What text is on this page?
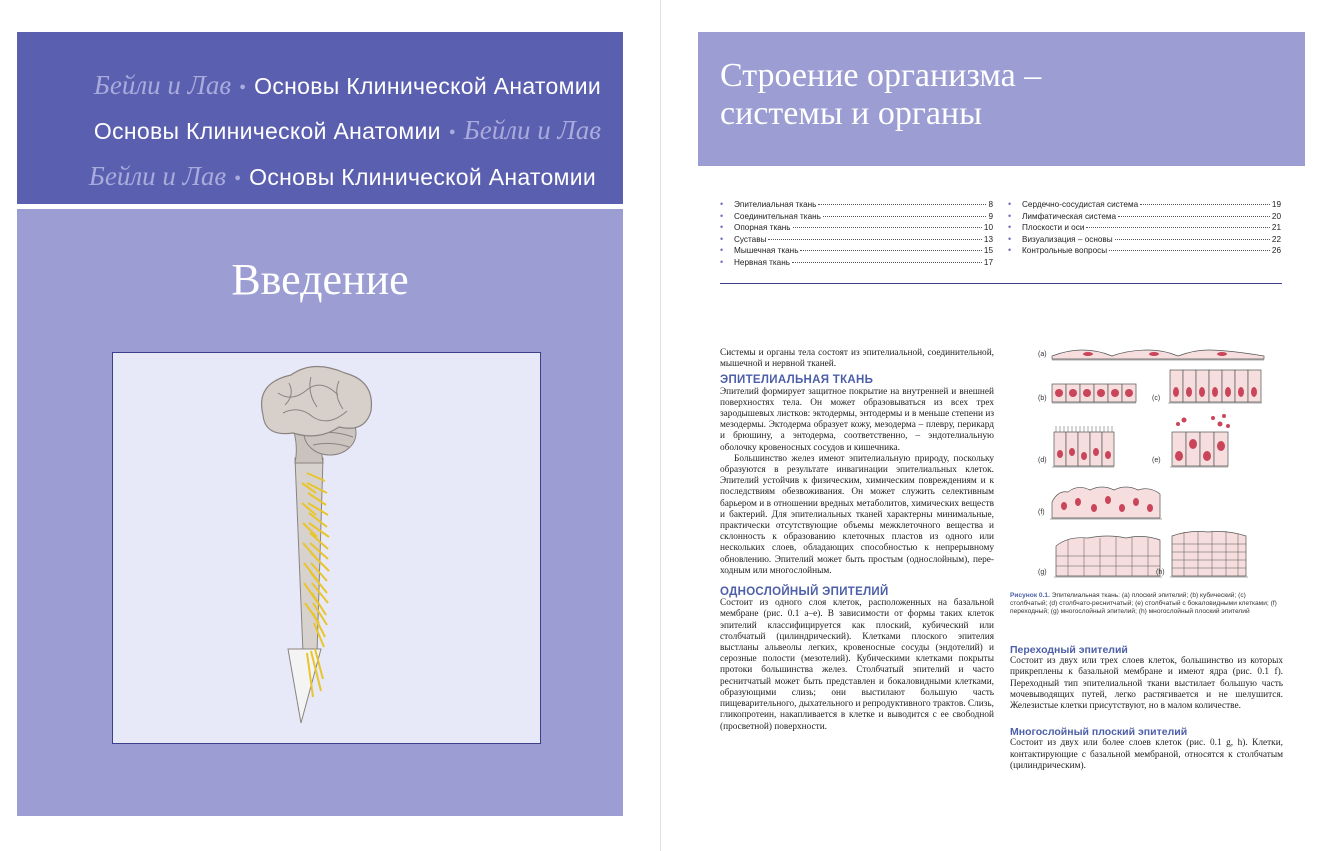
Бейли и Лав • Основы Клинической Анатомии
Основы Клинической Анатомии • Бейли и Лав
Бейли и Лав • Основы Клинической Анатомии
Введение
Строение организма –
системы и органы
•	Эпителиальная ткань	8
•	Соединительная ткань	9
•	Опорная ткань	10
•	Суставы	13
•	Мышечная ткань	15
•	Нервная ткань	17
•	Сердечно-сосудистая система	19
•	Лимфатическая система	20
•	Плоскости и оси	21
•	Визуализация – основы	22
•	Контрольные вопросы	26

Системы и органы тела состоят из эпителиальной, соединительной, мышечной и нервной тканей.

ЭПИТЕЛИАЛЬНАЯ ТКАНЬ

Эпителий формирует защитное покрытие на внутренней и внешней поверхностях тела. Он может образовываться из всех трех зародышевых листков: эктодермы, энтодермы и в меньше степени из мезодермы. Эктодерма образует кожу, мезодерма – плевру, перикард и брюшину, а энтодерма, соответственно, – эндотелиальную оболочку кровеносных сосудов и кишечника.

Большинство желез имеют эпителиальную природу, поскольку образуются в результате инвагинации эпителиальных клеток. Эпителий устойчив к физическим, химическим повреждениям и к последствиям обезвоживания. Он может служить селективным барьером и в отношении вредных метаболитов, химических веществ и бактерий. Для эпителиальных тканей характерны минимальные, практически отсутствующие объемы межклеточного вещества и склонность к образованию клеточных пластов из одного или нескольких слоев, обладающих способностью к непрерывному обновлению. Эпителий может быть простым (однослойным), переходным или многослойным.

ОДНОСЛОЙНЫЙ ЭПИТЕЛИЙ

Состоит из одного слоя клеток, расположенных на базальной мембране (рис. 0.1 a–e). В зависимости от формы таких клеток эпителий классифицируется как плоский, кубический или столбчатый (цилиндрический). Клетками плоского эпителия выстланы альвеолы легких, кровеносные сосуды (эндотелий) и серозные полости (мезотелий). Кубическими клетками покрыты протоки большинства желез. Столбчатый эпителий и часто реснитчатый может быть представлен и бокаловидными клетками, образующими слизь; они выстилают большую часть пищеварительного, дыхательного и репродуктивного трактов. Слизь, гликопротеин, накапливается в клетке и выводится с ее свободной (просветной) поверхности.

(a)
(b)	(c)
(d)	(e)
(f)
(g)	(h)
Рисунок 0.1. Эпителиальная ткань: (a) плоский эпителий; (b) кубический; (c) столбчатый; (d) столбчато-реснитчатый; (e) столбчатый с бокаловидными клетками; (f) переходный; (g) многослойный эпителий; (h) многослойный плоский эпителий
Переходный эпителий

Состоит из двух или трех слоев клеток, большинство из которых прикреплены к базальной мембране и имеют ядра (рис. 0.1 f). Переходный тип эпителиальной ткани выстилает большую часть мочевыводящих путей, легко растягивается и не шелушится. Железистые клетки присутствуют, но в малом количестве.

Многослойный плоский эпителий

Состоит из двух или более слоев клеток (рис. 0.1 g, h). Клетки, контактирующие с базальной мембраной, относятся к столбчатым (цилиндрическим).
